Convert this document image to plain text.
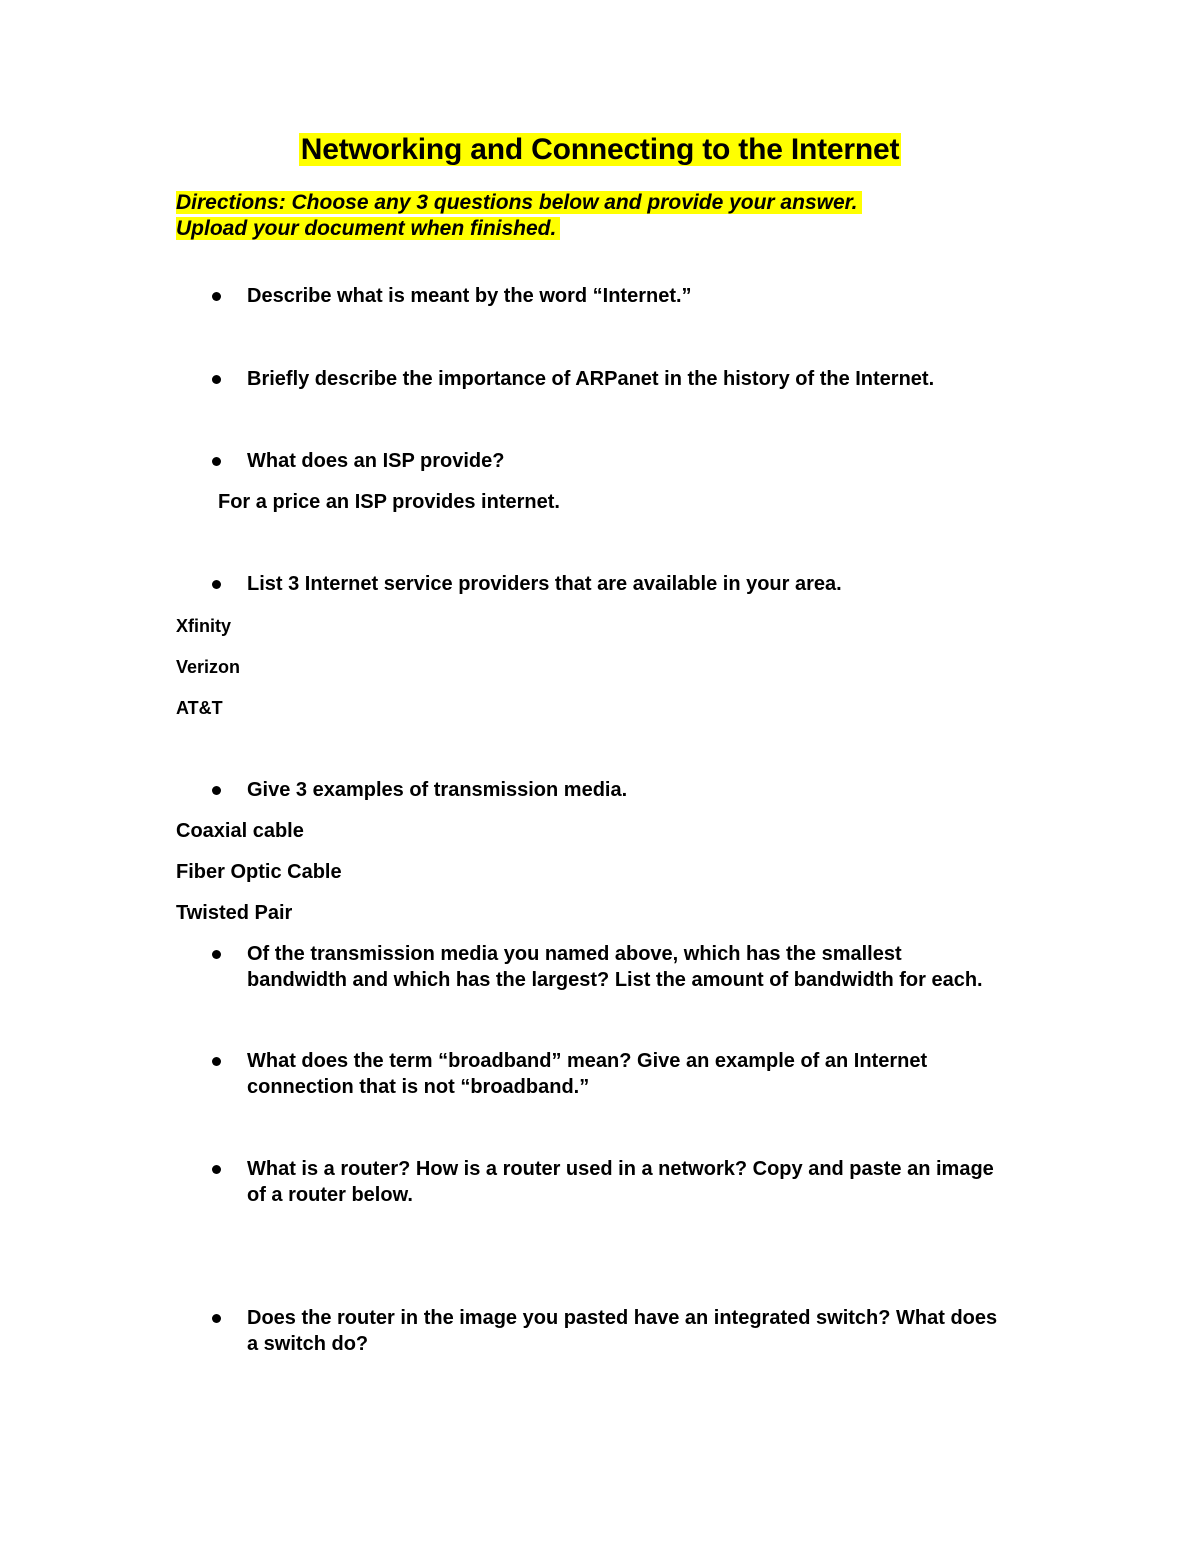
Networking and Connecting to the Internet
Directions: Choose any 3 questions below and provide your answer.
Upload your document when finished.
Describe what is meant by the word “Internet.”
Briefly describe the importance of ARPanet in the history of the Internet.
What does an ISP provide?
For a price an ISP provides internet.
List 3 Internet service providers that are available in your area.
Xfinity
Verizon
AT&T
Give 3 examples of transmission media.
Coaxial cable
Fiber Optic Cable
Twisted Pair
Of the transmission media you named above, which has the smallest
bandwidth and which has the largest? List the amount of bandwidth for each.
What does the term “broadband” mean? Give an example of an Internet
connection that is not “broadband.”
What is a router? How is a router used in a network? Copy and paste an image
of a router below.
Does the router in the image you pasted have an integrated switch? What does
a switch do?
